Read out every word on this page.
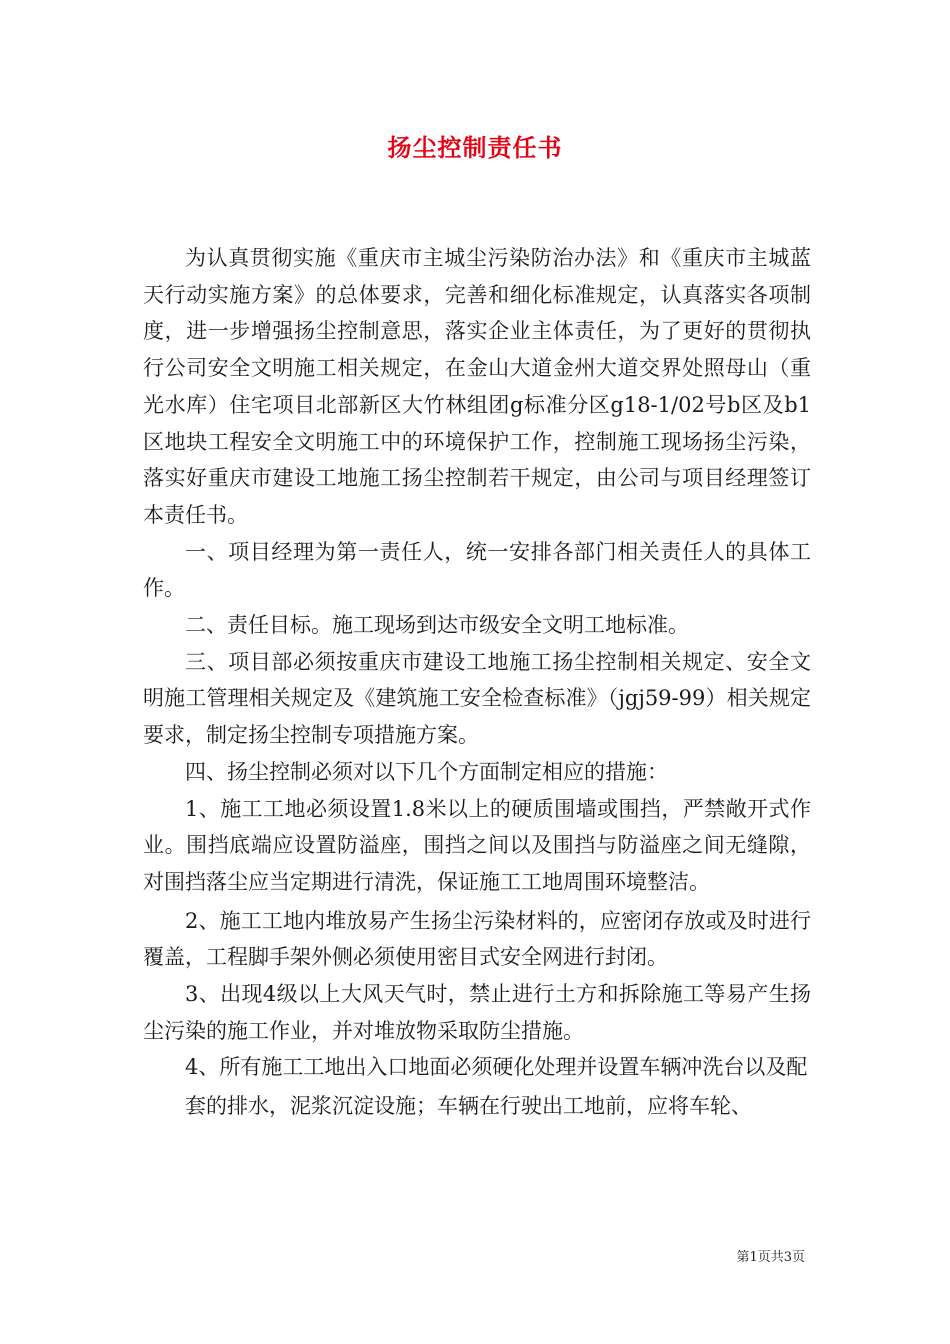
扬尘控制责任书

为认真贯彻实施《重庆市主城尘污染防治办法》和《重庆市主城蓝天行动实施方案》的总体要求，完善和细化标准规定，认真落实各项制度，进一步增强扬尘控制意思，落实企业主体责任，为了更好的贯彻执行公司安全文明施工相关规定，在金山大道金州大道交界处照母山（重光水库）住宅项目北部新区大竹林组团g标准分区g18-1/02号b区及b1区地块工程安全文明施工中的环境保护工作，控制施工现场扬尘污染，落实好重庆市建设工地施工扬尘控制若干规定，由公司与项目经理签订本责任书。

一、项目经理为第一责任人，统一安排各部门相关责任人的具体工作。

二、责任目标。施工现场到达市级安全文明工地标准。

三、项目部必须按重庆市建设工地施工扬尘控制相关规定、安全文明施工管理相关规定及《建筑施工安全检查标准》（jgj59-99）相关规定要求，制定扬尘控制专项措施方案。

四、扬尘控制必须对以下几个方面制定相应的措施：

1、施工工地必须设置1.8米以上的硬质围墙或围挡，严禁敞开式作业。围挡底端应设置防溢座，围挡之间以及围挡与防溢座之间无缝隙，对围挡落尘应当定期进行清洗，保证施工工地周围环境整洁。

2、施工工地内堆放易产生扬尘污染材料的，应密闭存放或及时进行覆盖，工程脚手架外侧必须使用密目式安全网进行封闭。

3、出现4级以上大风天气时，禁止进行土方和拆除施工等易产生扬尘污染的施工作业，并对堆放物采取防尘措施。

4、所有施工工地出入口地面必须硬化处理并设置车辆冲洗台以及配

套的排水，泥浆沉淀设施；车辆在行驶出工地前，应将车轮、

第1页共3页
